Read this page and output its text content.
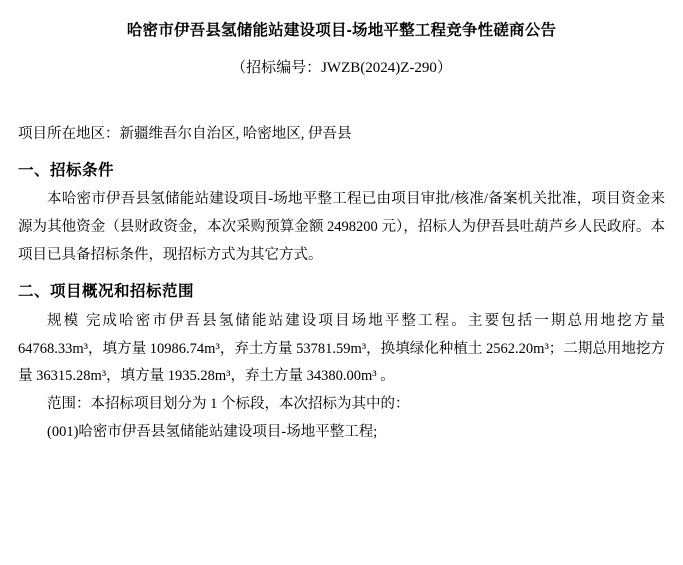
哈密市伊吾县氢储能站建设项目-场地平整工程竞争性磋商公告
（招标编号：JWZB(2024)Z-290）

项目所在地区：新疆维吾尔自治区, 哈密地区, 伊吾县

一、招标条件

本哈密市伊吾县氢储能站建设项目-场地平整工程已由项目审批/核准/备案机关批准，项目资金来源为其他资金（县财政资金，本次采购预算金额 2498200 元），招标人为伊吾县吐葫芦乡人民政府。本项目已具备招标条件，现招标方式为其它方式。

二、项目概况和招标范围

规模 完成哈密市伊吾县氢储能站建设项目场地平整工程。主要包括一期总用地挖方量 64768.33m³，填方量 10986.74m³，弃土方量 53781.59m³，换填绿化种植土 2562.20m³；二期总用地挖方量 36315.28m³，填方量 1935.28m³，弃土方量 34380.00m³ 。

范围：本招标项目划分为 1 个标段，本次招标为其中的：

(001)哈密市伊吾县氢储能站建设项目-场地平整工程;
